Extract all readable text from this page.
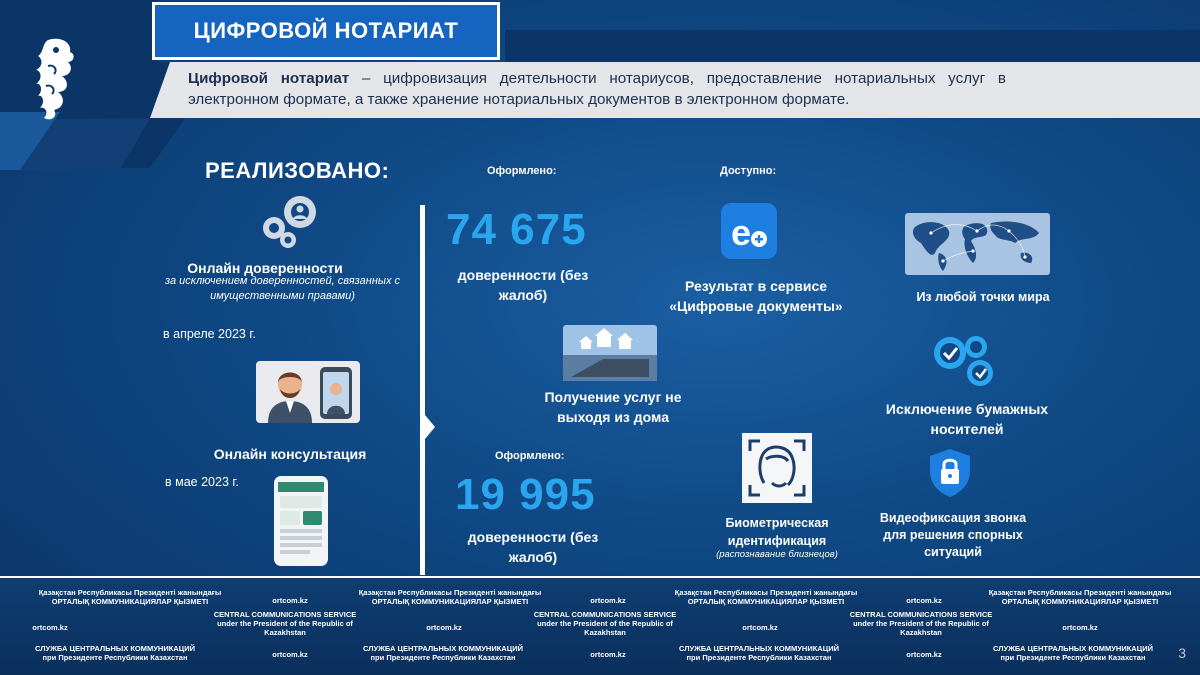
ЦИФРОВОЙ НОТАРИАТ
Цифровой нотариат – цифровизация деятельности нотариусов, предоставление нотариальных услуг в электронном формате, а также хранение нотариальных документов в электронном формате.
РЕАЛИЗОВАНО:
Онлайн доверенности
за исключением доверенностей, связанных с имущественными правами)
в апреле 2023 г.
Онлайн консультация
в мае 2023 г.
Оформлено:
74 675
доверенности (без жалоб)
Получение услуг не выходя из дома
Оформлено:
19 995
доверенности (без жалоб)
Доступно:
e
Результат в сервисе «Цифровые документы»
Из любой точки мира
Исключение бумажных носителей
Биометрическая идентификация
(распознавание близнецов)
Видеофиксация звонка для решения спорных ситуаций
Қазақстан Республикасы Президенті жанындағы ОРТАЛЫҚ КОММУНИКАЦИЯЛАР ҚЫЗМЕТІ	ortcom.kz
Қазақстан Республикасы Президенті жанындағы ОРТАЛЫҚ КОММУНИКАЦИЯЛАР ҚЫЗМЕТІ	ortcom.kz
Қазақстан Республикасы Президенті жанындағы ОРТАЛЫҚ КОММУНИКАЦИЯЛАР ҚЫЗМЕТІ	ortcom.kz
Қазақстан Республикасы Президенті жанындағы ОРТАЛЫҚ КОММУНИКАЦИЯЛАР ҚЫЗМЕТІ
ortcom.kz
CENTRAL COMMUNICATIONS SERVICE under the President of the Republic of Kazakhstan
ortcom.kz
CENTRAL COMMUNICATIONS SERVICE under the President of the Republic of Kazakhstan
ortcom.kz
CENTRAL COMMUNICATIONS SERVICE under the President of the Republic of Kazakhstan
ortcom.kz
СЛУЖБА ЦЕНТРАЛЬНЫХ КОММУНИКАЦИЙ при Президенте Республики Казахстан	ortcom.kz
СЛУЖБА ЦЕНТРАЛЬНЫХ КОММУНИКАЦИЙ при Президенте Республики Казахстан	ortcom.kz
СЛУЖБА ЦЕНТРАЛЬНЫХ КОММУНИКАЦИЙ при Президенте Республики Казахстан	ortcom.kz
СЛУЖБА ЦЕНТРАЛЬНЫХ КОММУНИКАЦИЙ при Президенте Республики Казахстан	3
